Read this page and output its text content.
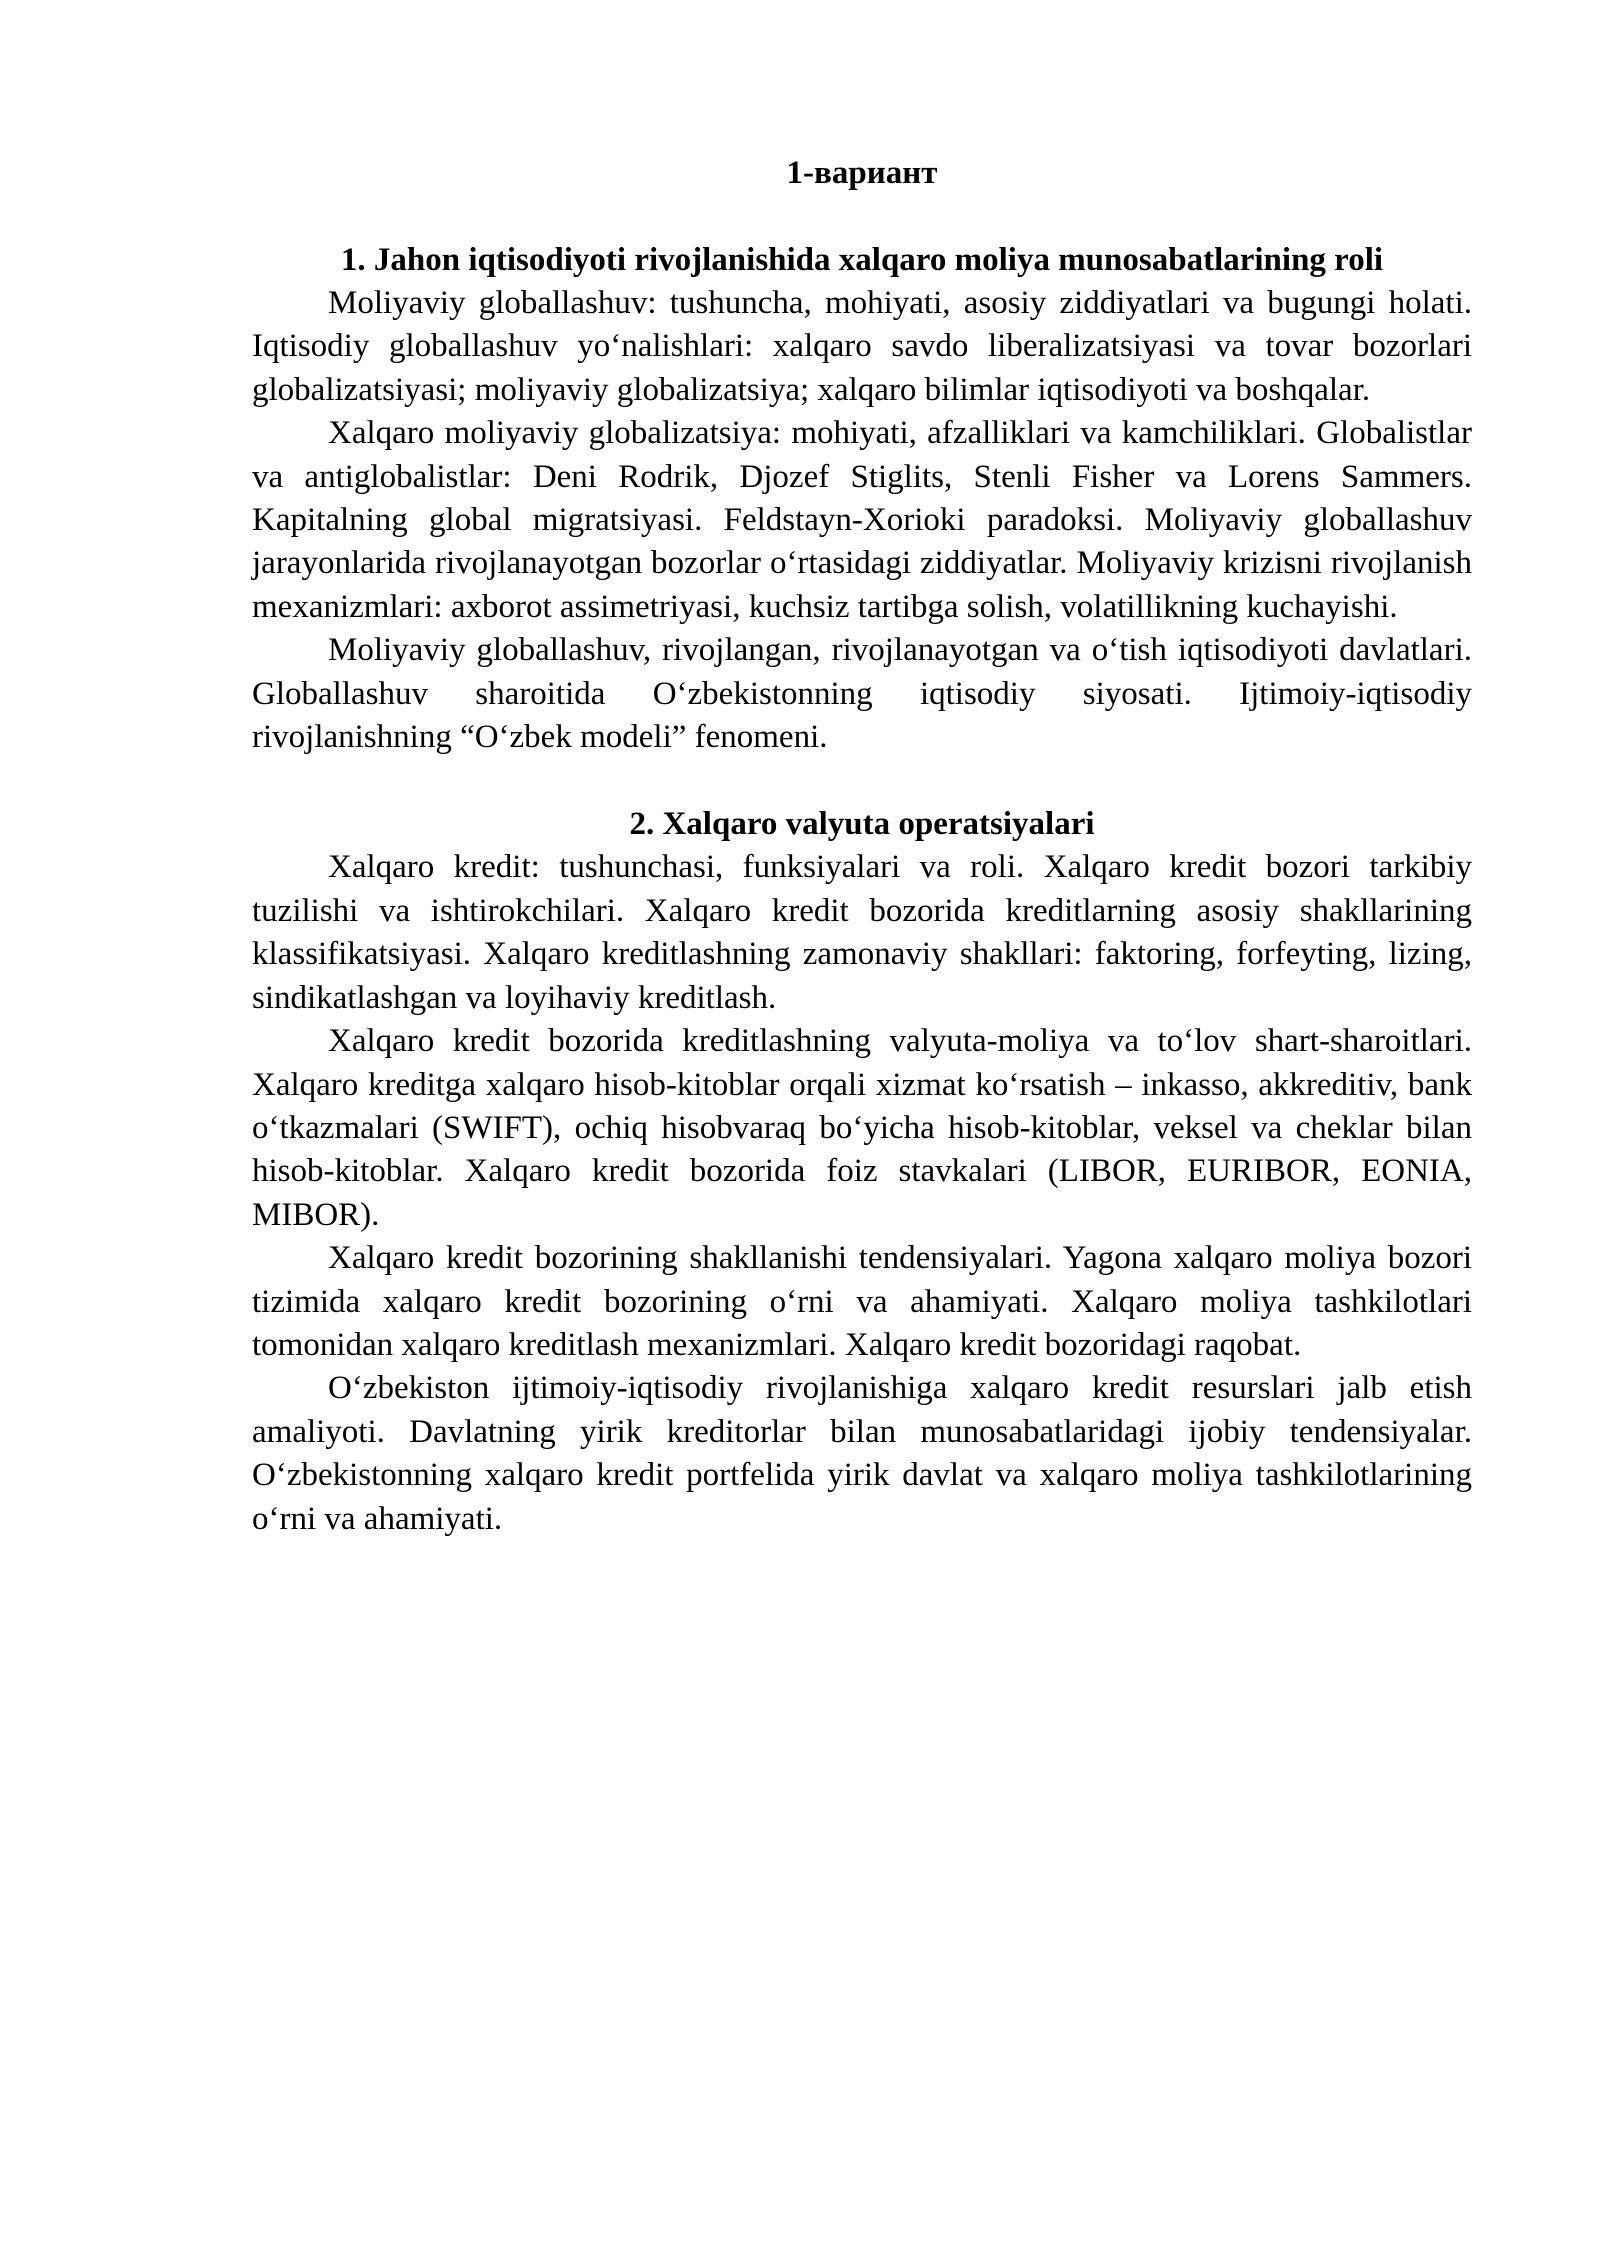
1-вариант
1. Jahon iqtisodiyoti rivojlanishida xalqaro moliya munosabatlarining roli

Moliyaviy globallashuv: tushuncha, mohiyati, asosiy ziddiyatlari va bugungi holati. Iqtisodiy globallashuv yo‘nalishlari: xalqaro savdo liberalizatsiyasi va tovar bozorlari globalizatsiyasi; moliyaviy globalizatsiya; xalqaro bilimlar iqtisodiyoti va boshqalar.

Xalqaro moliyaviy globalizatsiya: mohiyati, afzalliklari va kamchiliklari. Globalistlar va antiglobalistlar: Deni Rodrik, Djozef Stiglits, Stenli Fisher va Lorens Sammers. Kapitalning global migratsiyasi. Feldstayn-Xorioki paradoksi. Moliyaviy globallashuv jarayonlarida rivojlanayotgan bozorlar o‘rtasidagi ziddiyatlar. Moliyaviy krizisni rivojlanish mexanizmlari: axborot assimetriyasi, kuchsiz tartibga solish, volatillikning kuchayishi.

Moliyaviy globallashuv, rivojlangan, rivojlanayotgan va o‘tish iqtisodiyoti davlatlari. Globallashuv sharoitida O‘zbekistonning iqtisodiy siyosati. Ijtimoiy-iqtisodiy rivojlanishning “O‘zbek modeli” fenomeni.

2. Xalqaro valyuta operatsiyalari

Xalqaro kredit: tushunchasi, funksiyalari va roli. Xalqaro kredit bozori tarkibiy tuzilishi va ishtirokchilari. Xalqaro kredit bozorida kreditlarning asosiy shakllarining klassifikatsiyasi. Xalqaro kreditlashning zamonaviy shakllari: faktoring, forfeyting, lizing, sindikatlashgan va loyihaviy kreditlash.

Xalqaro kredit bozorida kreditlashning valyuta-moliya va to‘lov shart-sharoitlari. Xalqaro kreditga xalqaro hisob-kitoblar orqali xizmat ko‘rsatish – inkasso, akkreditiv, bank o‘tkazmalari (SWIFT), ochiq hisobvaraq bo‘yicha hisob-kitoblar, veksel va cheklar bilan hisob-kitoblar. Xalqaro kredit bozorida foiz stavkalari (LIBOR, EURIBOR, EONIA, MIBOR).

Xalqaro kredit bozorining shakllanishi tendensiyalari. Yagona xalqaro moliya bozori tizimida xalqaro kredit bozorining o‘rni va ahamiyati. Xalqaro moliya tashkilotlari tomonidan xalqaro kreditlash mexanizmlari. Xalqaro kredit bozoridagi raqobat.

O‘zbekiston ijtimoiy-iqtisodiy rivojlanishiga xalqaro kredit resurslari jalb etish amaliyoti. Davlatning yirik kreditorlar bilan munosabatlaridagi ijobiy tendensiyalar. O‘zbekistonning xalqaro kredit portfelida yirik davlat va xalqaro moliya tashkilotlarining o‘rni va ahamiyati.
